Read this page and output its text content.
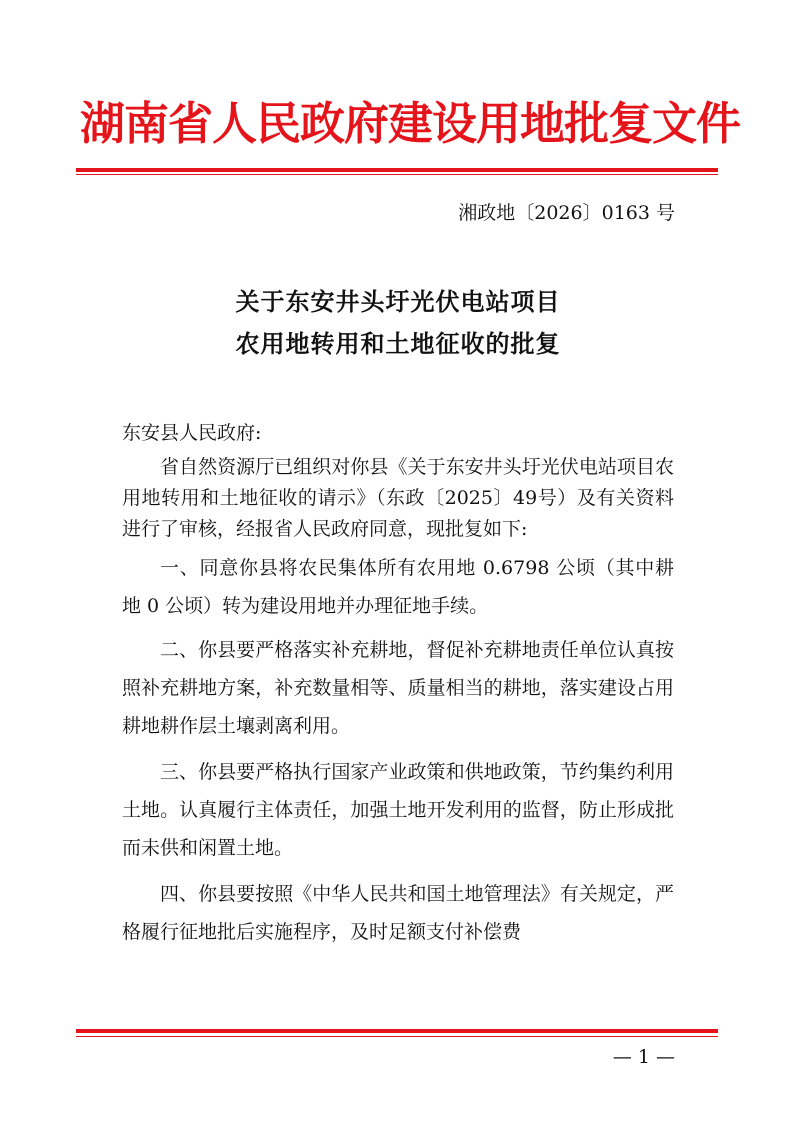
湖南省人民政府建设用地批复文件
湘政地〔2026〕0163 号
关于东安井头圩光伏电站项目
农用地转用和土地征收的批复
东安县人民政府:

省自然资源厅已组织对你县《关于东安井头圩光伏电站项目农用地转用和土地征收的请示》（东政〔2025〕49号）及有关资料进行了审核，经报省人民政府同意，现批复如下:

一、同意你县将农民集体所有农用地 0.6798 公顷（其中耕地 0 公顷）转为建设用地并办理征地手续。

二、你县要严格落实补充耕地，督促补充耕地责任单位认真按照补充耕地方案，补充数量相等、质量相当的耕地，落实建设占用耕地耕作层土壤剥离利用。

三、你县要严格执行国家产业政策和供地政策，节约集约利用土地。认真履行主体责任，加强土地开发利用的监督，防止形成批而未供和闲置土地。

四、你县要按照《中华人民共和国土地管理法》有关规定，严格履行征地批后实施程序，及时足额支付补偿费

— 1 —
